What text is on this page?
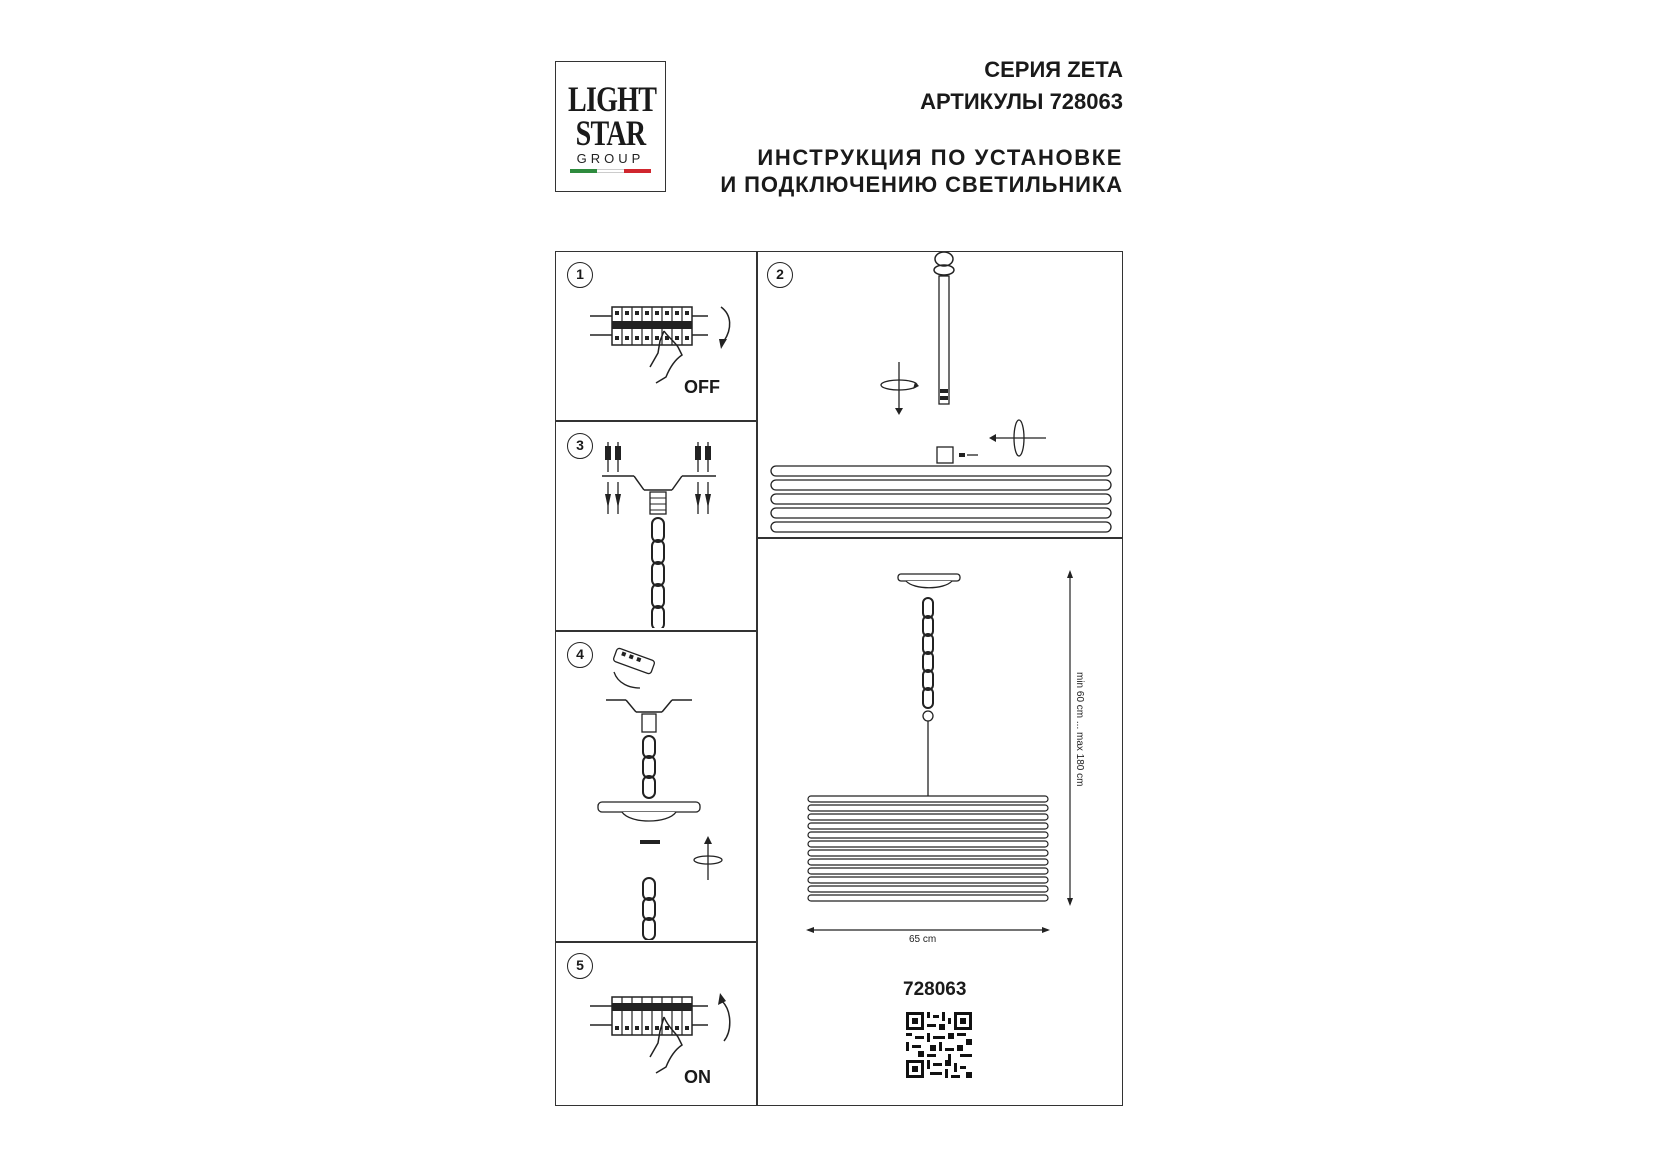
LIGHT
STAR
GROUP
СЕРИЯ ZETA
АРТИКУЛЫ 728063
ИНСТРУКЦИЯ ПО УСТАНОВКЕ
И ПОДКЛЮЧЕНИЮ СВЕТИЛЬНИКА
1	2
3
4
5
OFF
ON
65 cm
min 60 cm ... max 180 cm
728063
